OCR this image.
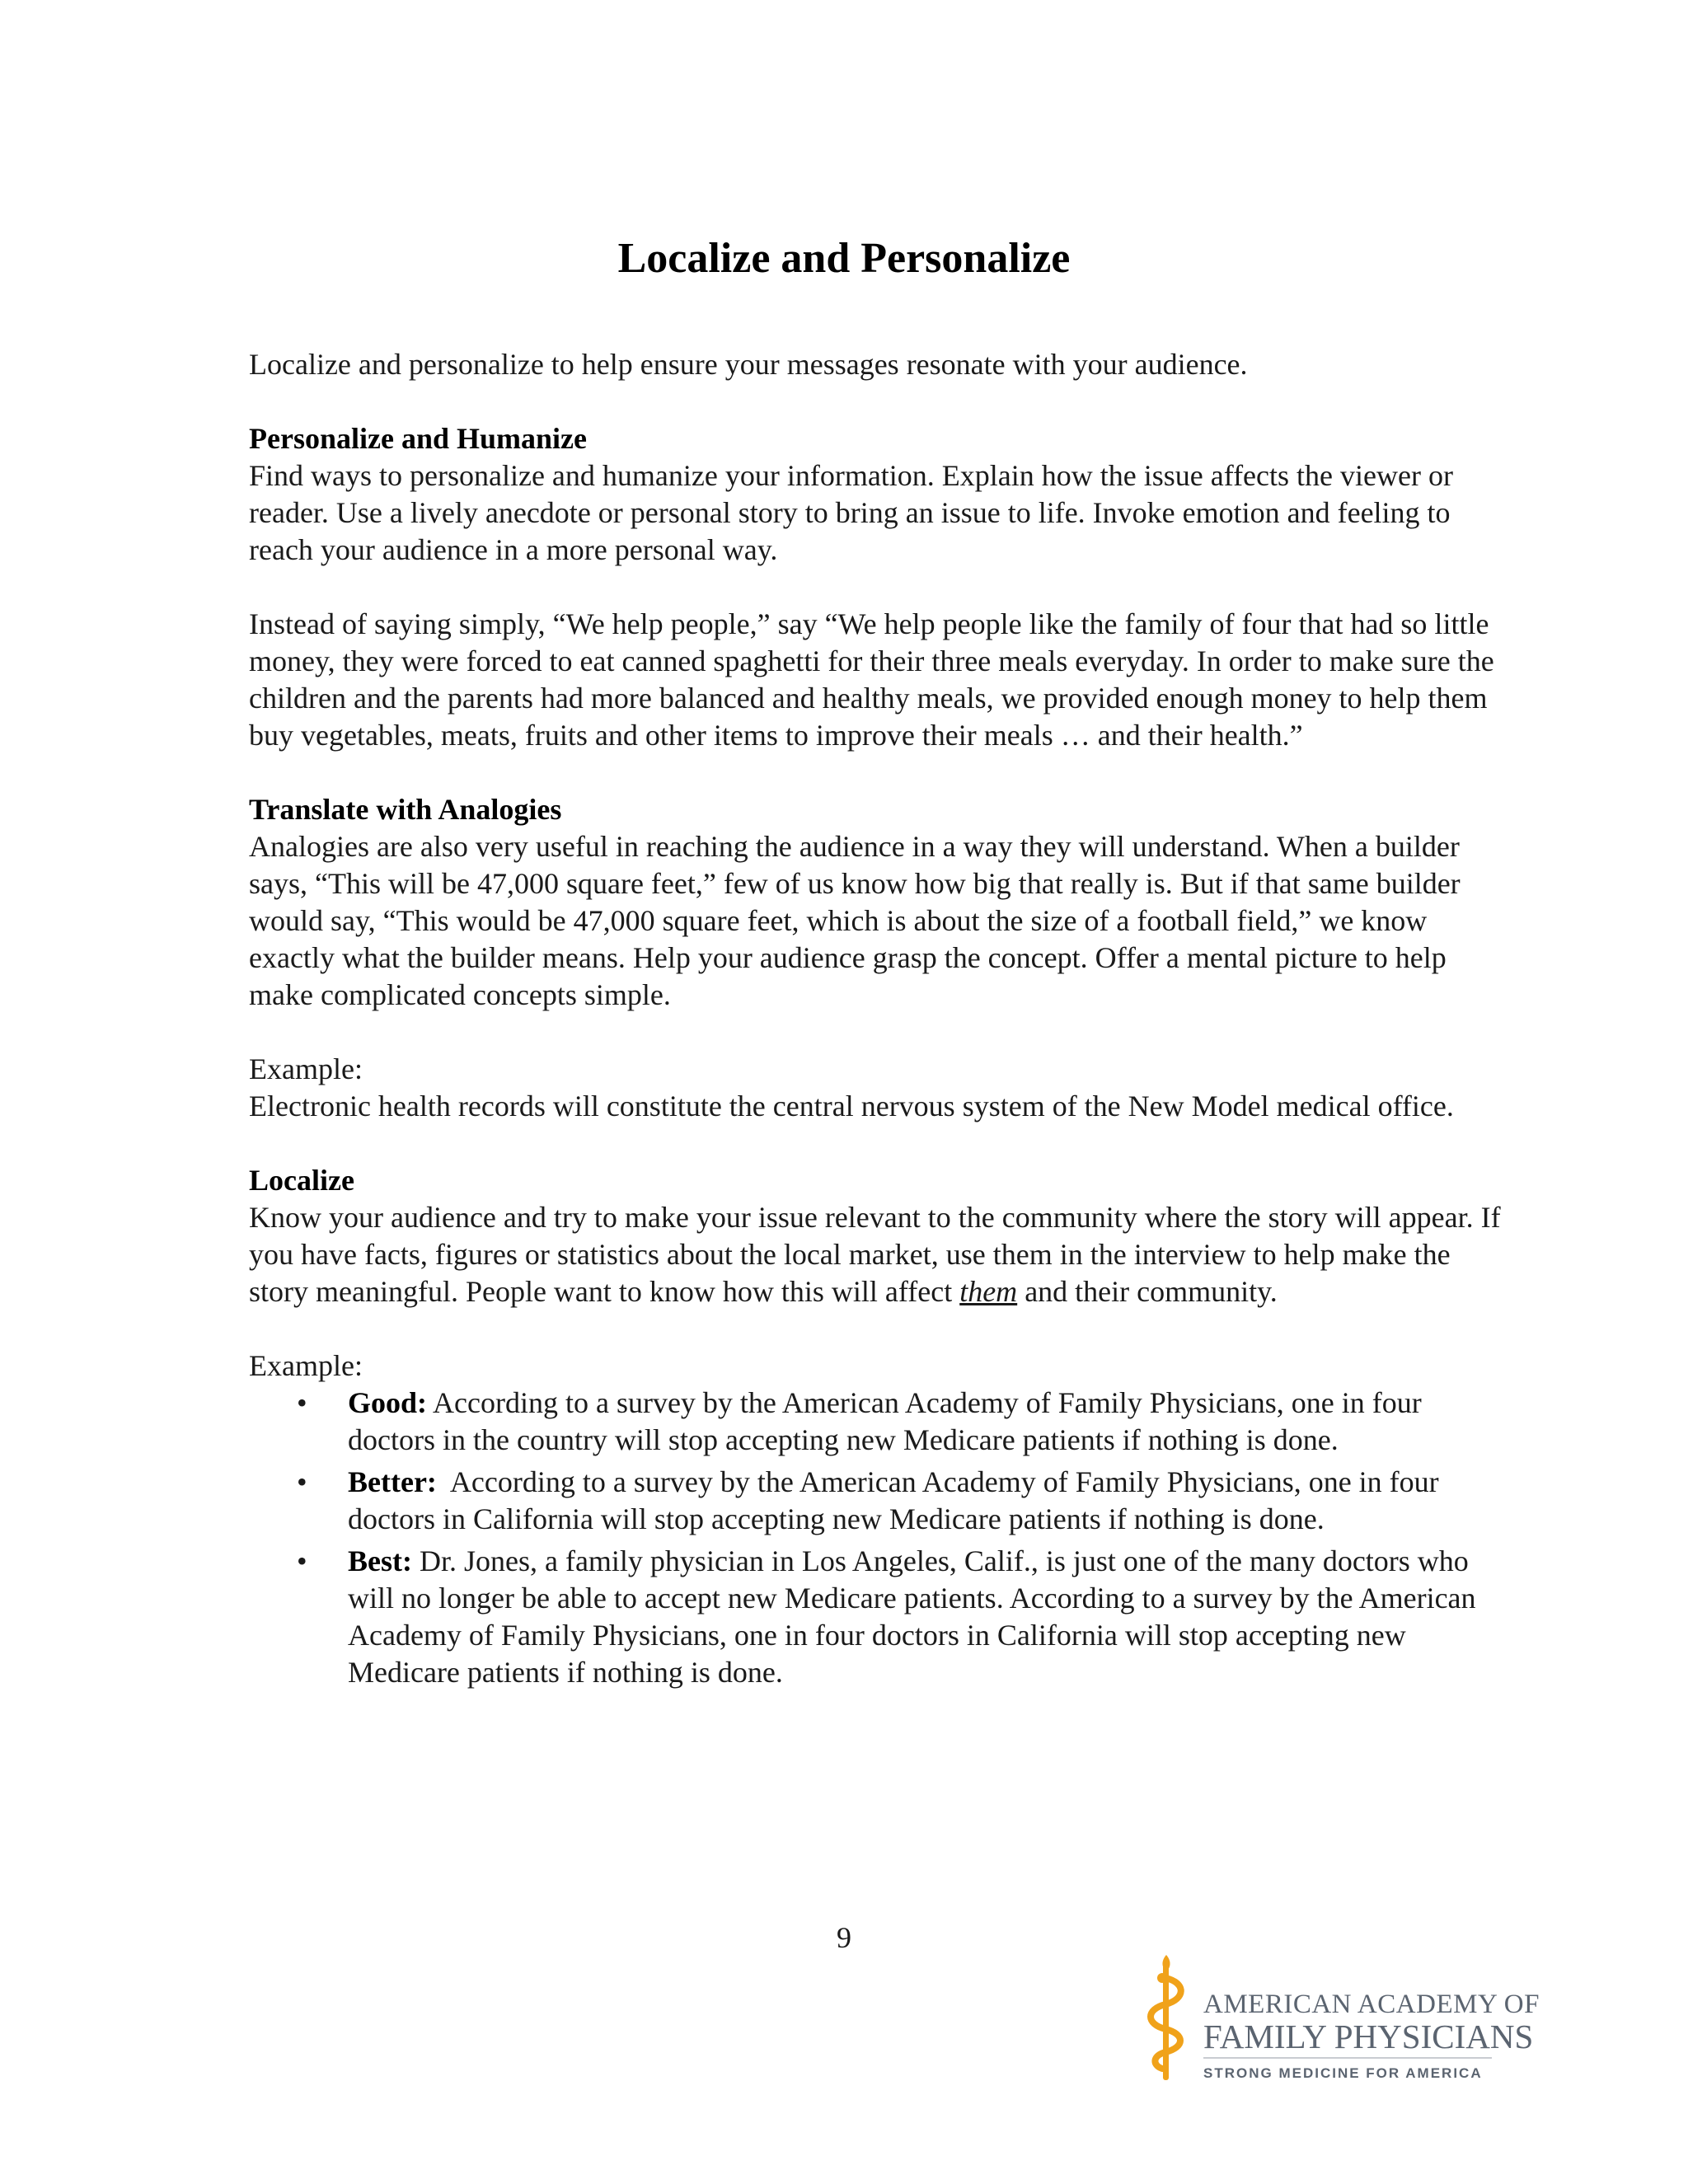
Localize and Personalize

Localize and personalize to help ensure your messages resonate with your audience.

Personalize and Humanize

Find ways to personalize and humanize your information. Explain how the issue affects the viewer or reader. Use a lively anecdote or personal story to bring an issue to life. Invoke emotion and feeling to reach your audience in a more personal way.

Instead of saying simply, “We help people,” say “We help people like the family of four that had so little money, they were forced to eat canned spaghetti for their three meals everyday. In order to make sure the children and the parents had more balanced and healthy meals, we provided enough money to help them buy vegetables, meats, fruits and other items to improve their meals … and their health.”

Translate with Analogies

Analogies are also very useful in reaching the audience in a way they will understand. When a builder says, “This will be 47,000 square feet,” few of us know how big that really is. But if that same builder would say, “This would be 47,000 square feet, which is about the size of a football field,” we know exactly what the builder means. Help your audience grasp the concept. Offer a mental picture to help make complicated concepts simple.

Example:

Electronic health records will constitute the central nervous system of the New Model medical office.

Localize

Know your audience and try to make your issue relevant to the community where the story will appear. If you have facts, figures or statistics about the local market, use them in the interview to help make the story meaningful. People want to know how this will affect them and their community.

Example:

• Good: According to a survey by the American Academy of Family Physicians, one in four doctors in the country will stop accepting new Medicare patients if nothing is done.
• Better:  According to a survey by the American Academy of Family Physicians, one in four doctors in California will stop accepting new Medicare patients if nothing is done.
• Best: Dr. Jones, a family physician in Los Angeles, Calif., is just one of the many doctors who will no longer be able to accept new Medicare patients. According to a survey by the American Academy of Family Physicians, one in four doctors in California will stop accepting new Medicare patients if nothing is done.
9
AMERICAN ACADEMY OF
FAMILY PHYSICIANS
STRONG MEDICINE FOR AMERICA
